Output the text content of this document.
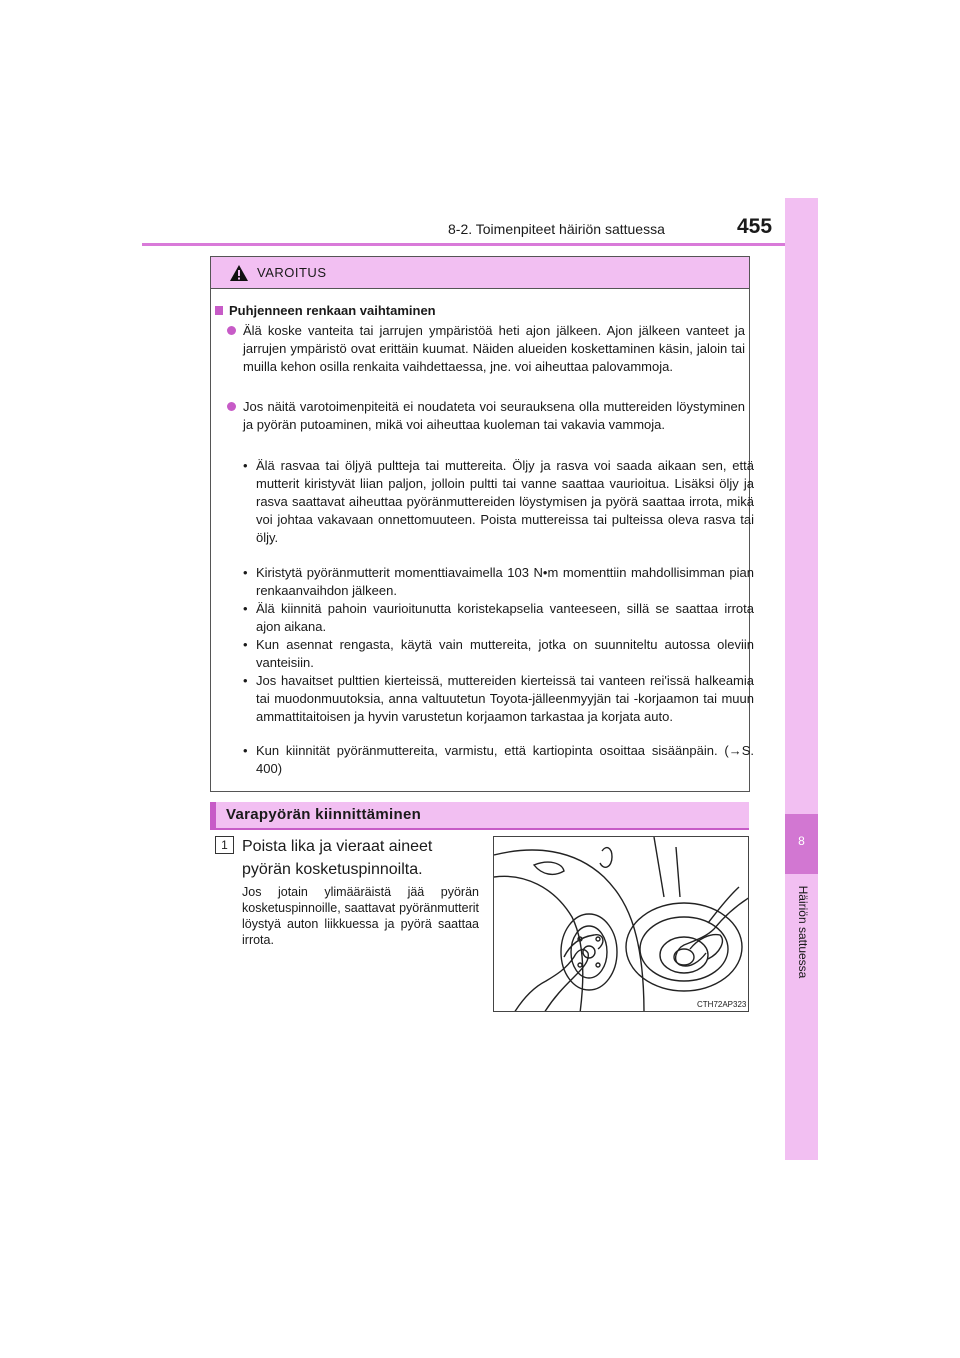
8-2. Toimenpiteet häiriön sattuessa	455
8
Häiriön sattuessa
VAROITUS
Puhjenneen renkaan vaihtaminen
Älä koske vanteita tai jarrujen ympäristöä heti ajon jälkeen. Ajon jälkeen vanteet ja jarrujen ympäristö ovat erittäin kuumat. Näiden alueiden koskettaminen käsin, jaloin tai muilla kehon osilla renkaita vaihdettaessa, jne. voi aiheuttaa palovammoja.
Jos näitä varotoimenpiteitä ei noudateta voi seurauksena olla muttereiden löystyminen ja pyörän putoaminen, mikä voi aiheuttaa kuoleman tai vakavia vammoja.
• Älä rasvaa tai öljyä pultteja tai muttereita. Öljy ja rasva voi saada aikaan sen, että mutterit kiristyvät liian paljon, jolloin pultti tai vanne saattaa vaurioitua. Lisäksi öljy ja rasva saattavat aiheuttaa pyöränmuttereiden löystymisen ja pyörä saattaa irrota, mikä voi johtaa vakavaan onnettomuuteen. Poista muttereissa tai pulteissa oleva rasva tai öljy.
• Kiristytä pyöränmutterit momenttiavaimella 103 N•m momenttiin mahdollisimman pian renkaanvaihdon jälkeen.
• Älä kiinnitä pahoin vaurioitunutta koristekapselia vanteeseen, sillä se saattaa irrota ajon aikana.
• Kun asennat rengasta, käytä vain muttereita, jotka on suunniteltu autossa oleviin vanteisiin.
• Jos havaitset pulttien kierteissä, muttereiden kierteissä tai vanteen rei'issä halkeamia tai muodonmuutoksia, anna valtuutetun Toyota-jälleenmyyjän tai -korjaamon tai muun ammattitaitoisen ja hyvin varustetun korjaamon tarkastaa ja korjata auto.
• Kun kiinnität pyöränmuttereita, varmistu, että kartiopinta osoittaa sisäänpäin. (→S. 400)
Varapyörän kiinnittäminen
1 Poista lika ja vieraat aineet pyörän kosketuspinnoilta.
Jos jotain ylimääräistä jää pyörän kosketuspinnoille, saattavat pyöränmutterit löystyä auton liikkuessa ja pyörä saattaa irrota.
CTH72AP323
